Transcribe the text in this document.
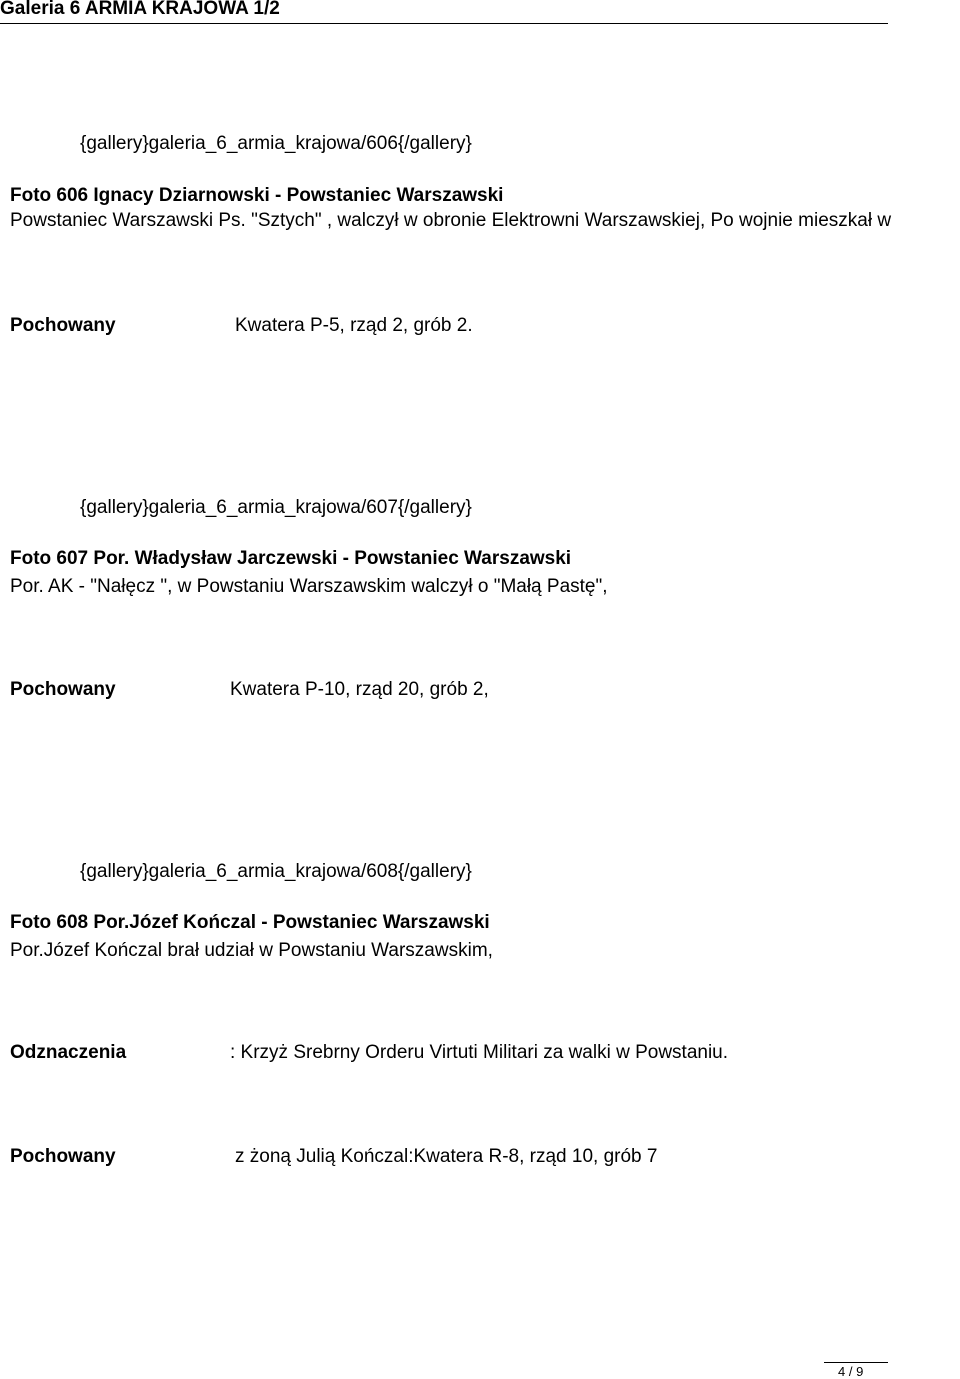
Galeria 6 ARMIA KRAJOWA 1/2
{gallery}galeria_6_armia_krajowa/606{/gallery}
Foto 606 Ignacy Dziarnowski - Powstaniec Warszawski
Powstaniec Warszawski Ps. "Sztych" , walczył w obronie Elektrowni Warszawskiej, Po wojnie mieszkał w
Pochowany	Kwatera P-5, rząd 2, grób 2.
{gallery}galeria_6_armia_krajowa/607{/gallery}
Foto 607 Por. Władysław Jarczewski - Powstaniec Warszawski
Por. AK - "Nałęcz ", w Powstaniu Warszawskim walczył o "Małą Pastę",
Pochowany	Kwatera P-10, rząd 20, grób 2,
{gallery}galeria_6_armia_krajowa/608{/gallery}
Foto 608 Por.Józef Kończal - Powstaniec Warszawski
Por.Józef Kończal brał udział w Powstaniu Warszawskim,
Odznaczenia	: Krzyż Srebrny Orderu Virtuti Militari za walki w Powstaniu.
Pochowany	z żoną Julią Kończal:Kwatera R-8, rząd 10, grób 7
4 / 9
